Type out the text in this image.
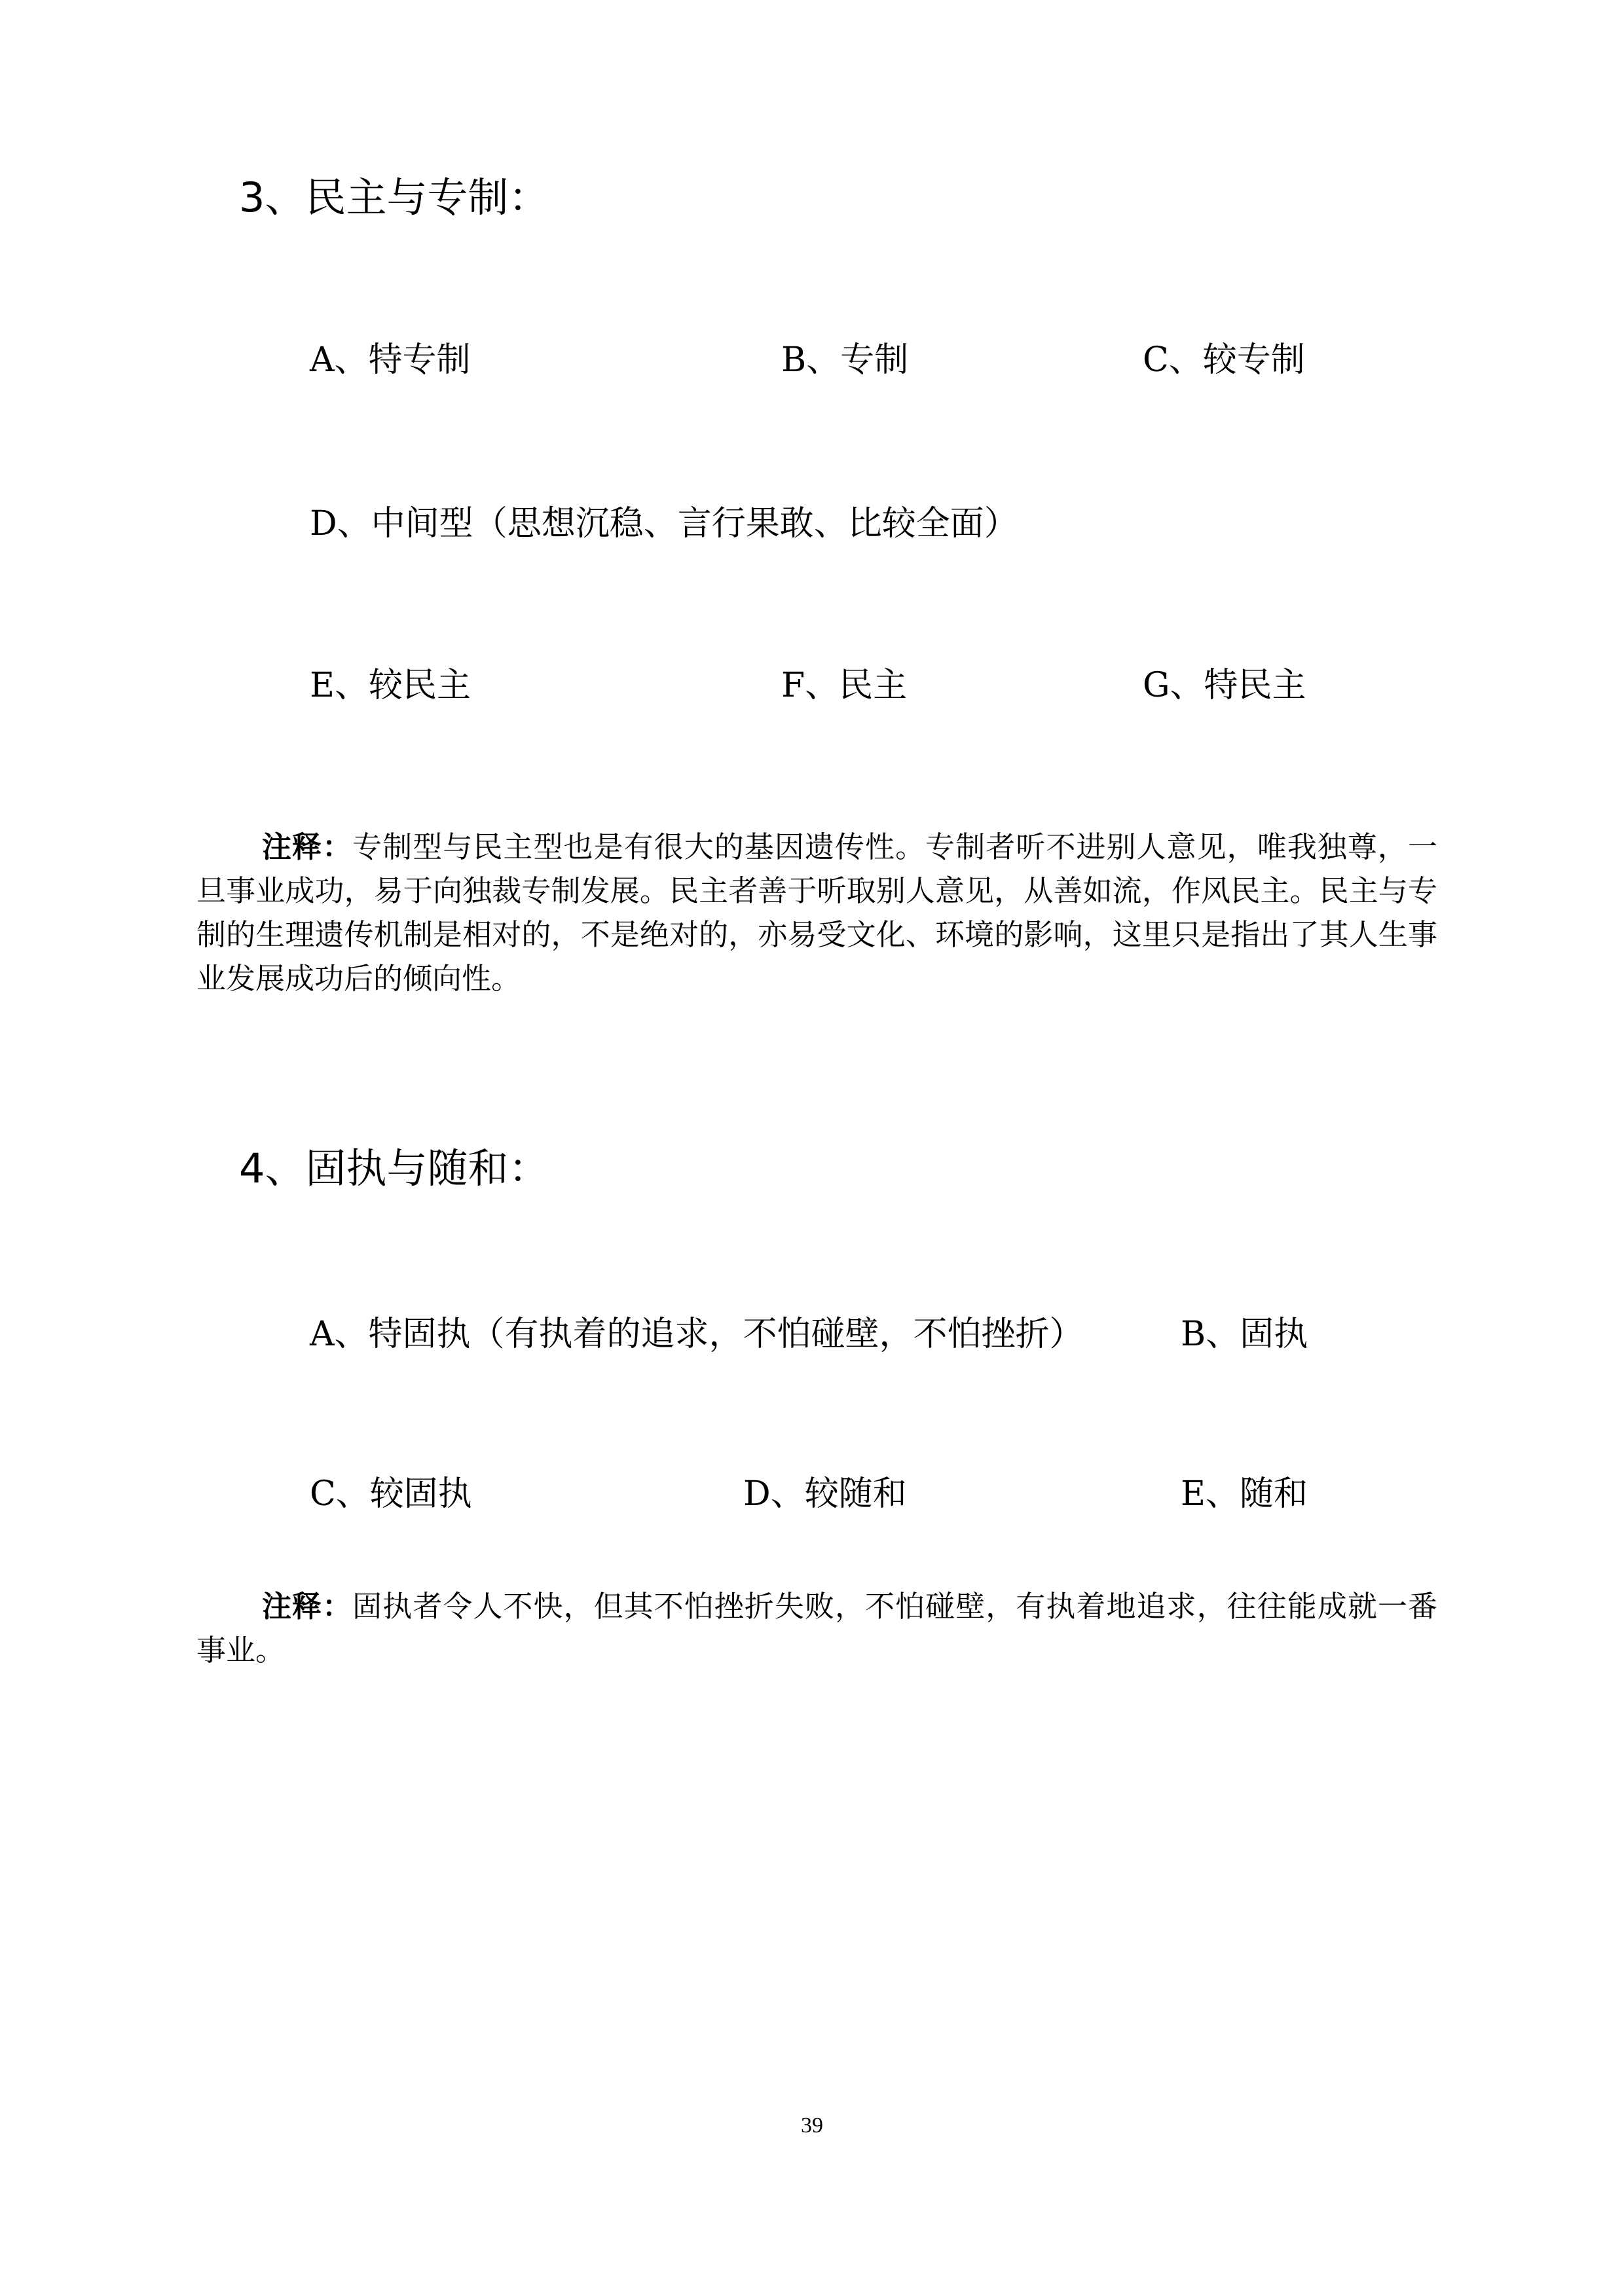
3、民主与专制：
A、特专制	B、专制	C、较专制
D、中间型（思想沉稳、言行果敢、比较全面）
E、较民主	F、民主	G、特民主
注释：专制型与民主型也是有很大的基因遗传性。专制者听不进别人意见，唯我独尊，一旦事业成功，易于向独裁专制发展。民主者善于听取别人意见，从善如流，作风民主。民主与专制的生理遗传机制是相对的，不是绝对的，亦易受文化、环境的影响，这里只是指出了其人生事业发展成功后的倾向性。
4、固执与随和：
A、特固执（有执着的追求，不怕碰壁，不怕挫折）	B、固执
C、较固执	D、较随和	E、随和
注释：固执者令人不快，但其不怕挫折失败，不怕碰壁，有执着地追求，往往能成就一番事业。
39
